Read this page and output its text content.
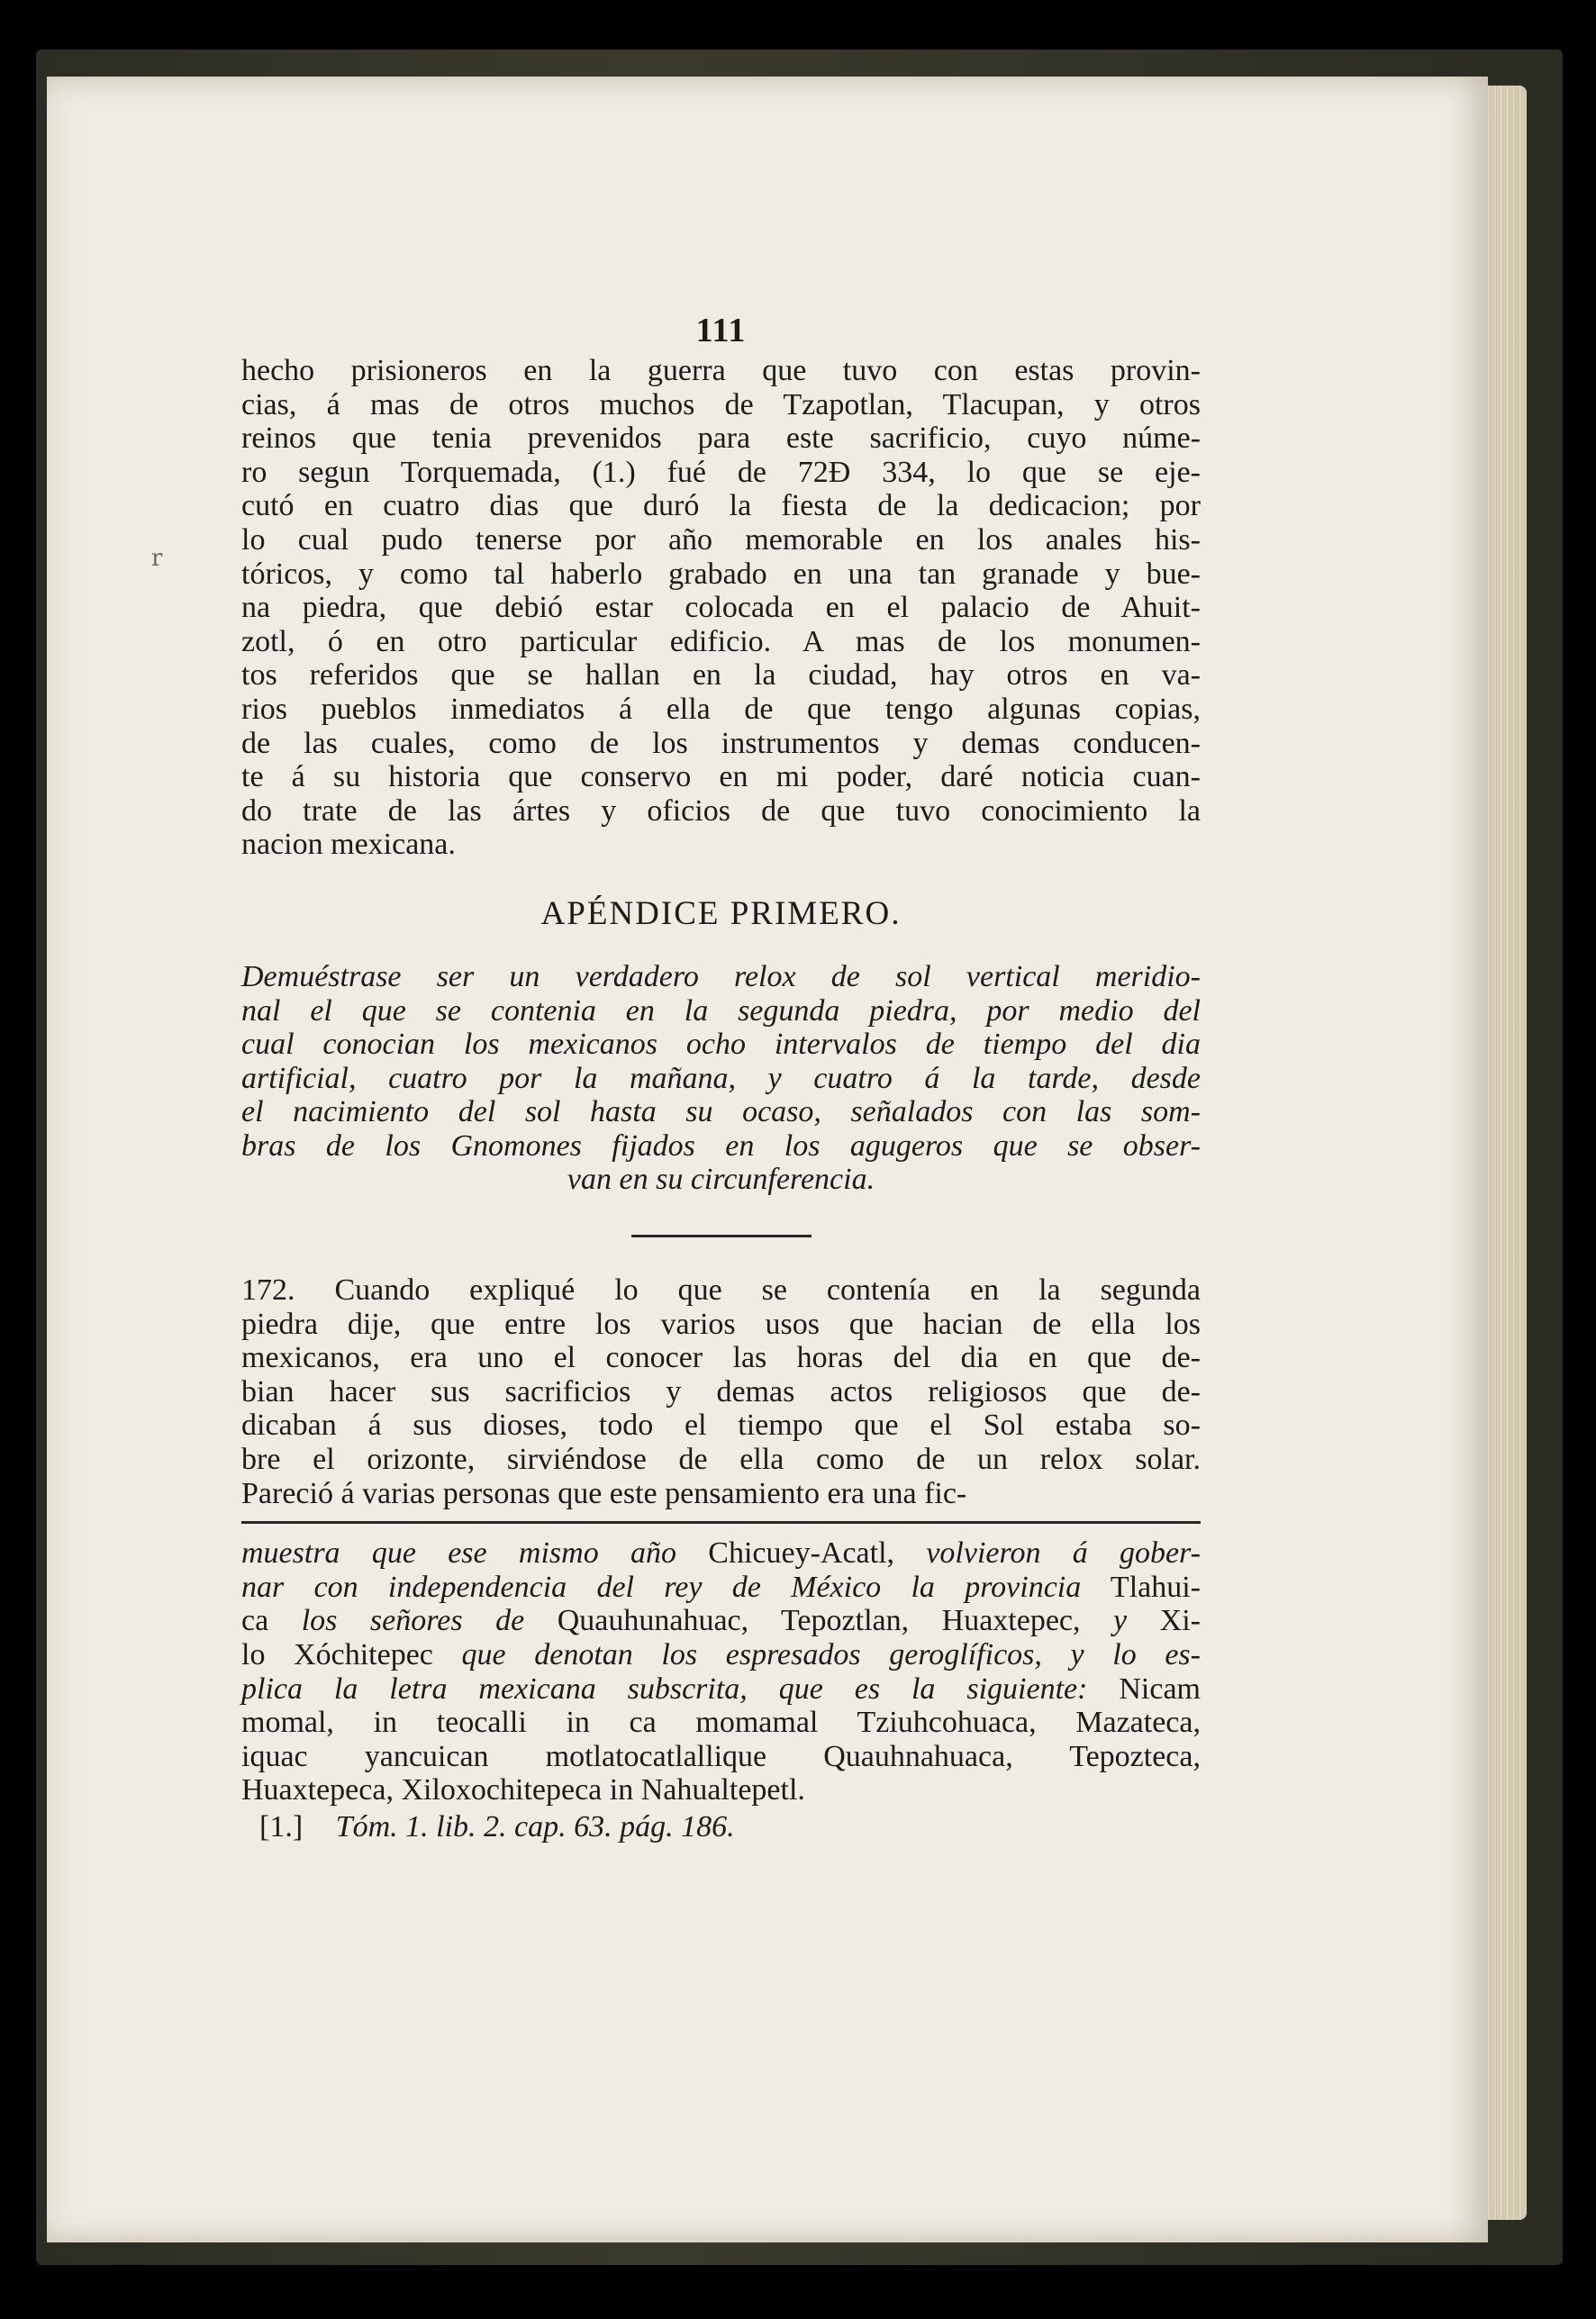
r
111
hecho prisioneros en la guerra que tuvo con estas provin-
cias, á mas de otros muchos de Tzapotlan, Tlacupan, y otros
reinos que tenia prevenidos para este sacrificio, cuyo núme-
ro segun Torquemada, (1.) fué de 72Đ 334, lo que se eje-
cutó en cuatro dias que duró la fiesta de la dedicacion; por
lo cual pudo tenerse por año memorable en los anales his-
tóricos, y como tal haberlo grabado en una tan granade y bue-
na piedra, que debió estar colocada en el palacio de Ahuit-
zotl, ó en otro particular edificio. A mas de los monumen-
tos referidos que se hallan en la ciudad, hay otros en va-
rios pueblos inmediatos á ella de que tengo algunas copias,
de las cuales, como de los instrumentos y demas conducen-
te á su historia que conservo en mi poder, daré noticia cuan-
do trate de las ártes y oficios de que tuvo conocimiento la
nacion mexicana.
APÉNDICE PRIMERO.
Demuéstrase ser un verdadero relox de sol vertical meridio-
nal el que se contenia en la segunda piedra, por medio del
cual conocian los mexicanos ocho intervalos de tiempo del dia
artificial, cuatro por la mañana, y cuatro á la tarde, desde
el nacimiento del sol hasta su ocaso, señalados con las som-
bras de los Gnomones fijados en los agugeros que se obser-
van en su circunferencia.
172. Cuando expliqué lo que se contenía en la segunda
piedra dije, que entre los varios usos que hacian de ella los
mexicanos, era uno el conocer las horas del dia en que de-
bian hacer sus sacrificios y demas actos religiosos que de-
dicaban á sus dioses, todo el tiempo que el Sol estaba so-
bre el orizonte, sirviéndose de ella como de un relox solar.
Pareció á varias personas que este pensamiento era una fic-
muestra que ese mismo año Chicuey-Acatl, volvieron á gober-
nar con independencia del rey de México la provincia Tlahui-
ca los señores de Quauhunahuac, Tepoztlan, Huaxtepec, y Xi-
lo Xóchitepec que denotan los espresados geroglíficos, y lo es-
plica la letra mexicana subscrita, que es la siguiente: Nicam
momal, in teocalli in ca momamal Tziuhcohuaca, Mazateca,
iquac yancuican motlatocatlallique Quauhnahuaca, Tepozteca,
Huaxtepeca, Xiloxochitepeca in Nahualtepetl.
[1.] Tóm. 1. lib. 2. cap. 63. pág. 186.
